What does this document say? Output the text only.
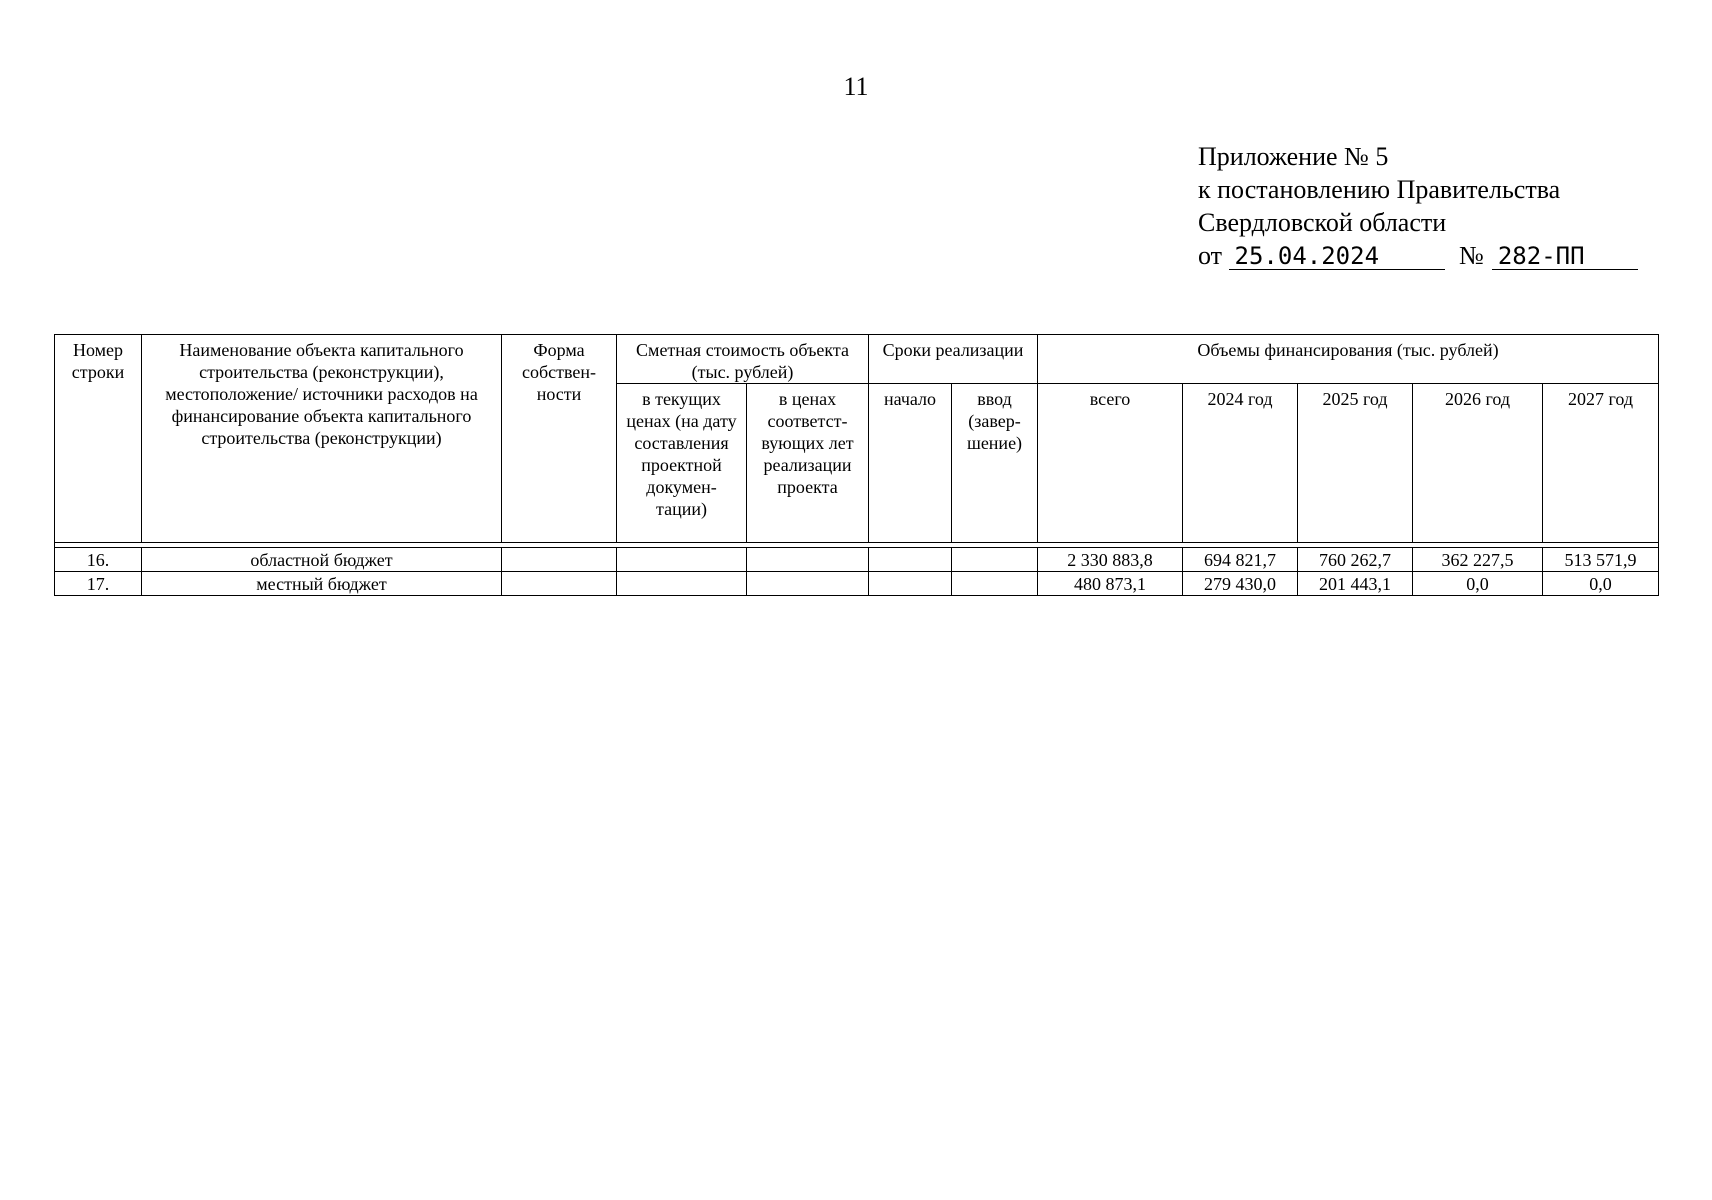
11
Приложение № 5
к постановлению Правительства
Свердловской области
от 25.04.2024	№ 282-ПП
Номер строки	Наименование объекта капитального строительства (реконструкции), местоположение/ источники расходов на финансирование объекта капитального строительства (реконструкции)	Форма собствен-ности	Сметная стоимость объекта (тыс. рублей)		Сроки реализации		Объемы финансирования (тыс. рублей)				
			в текущих ценах (на дату составления проектной докумен-тации)	в ценах соответст-вующих лет реализации проекта	начало	ввод (завер-шение)	всего	2024 год	2025 год	2026 год	2027 год

16.	областной бюджет						2 330 883,8	694 821,7	760 262,7	362 227,5	513 571,9
17.	местный бюджет						480 873,1	279 430,0	201 443,1	0,0	0,0
